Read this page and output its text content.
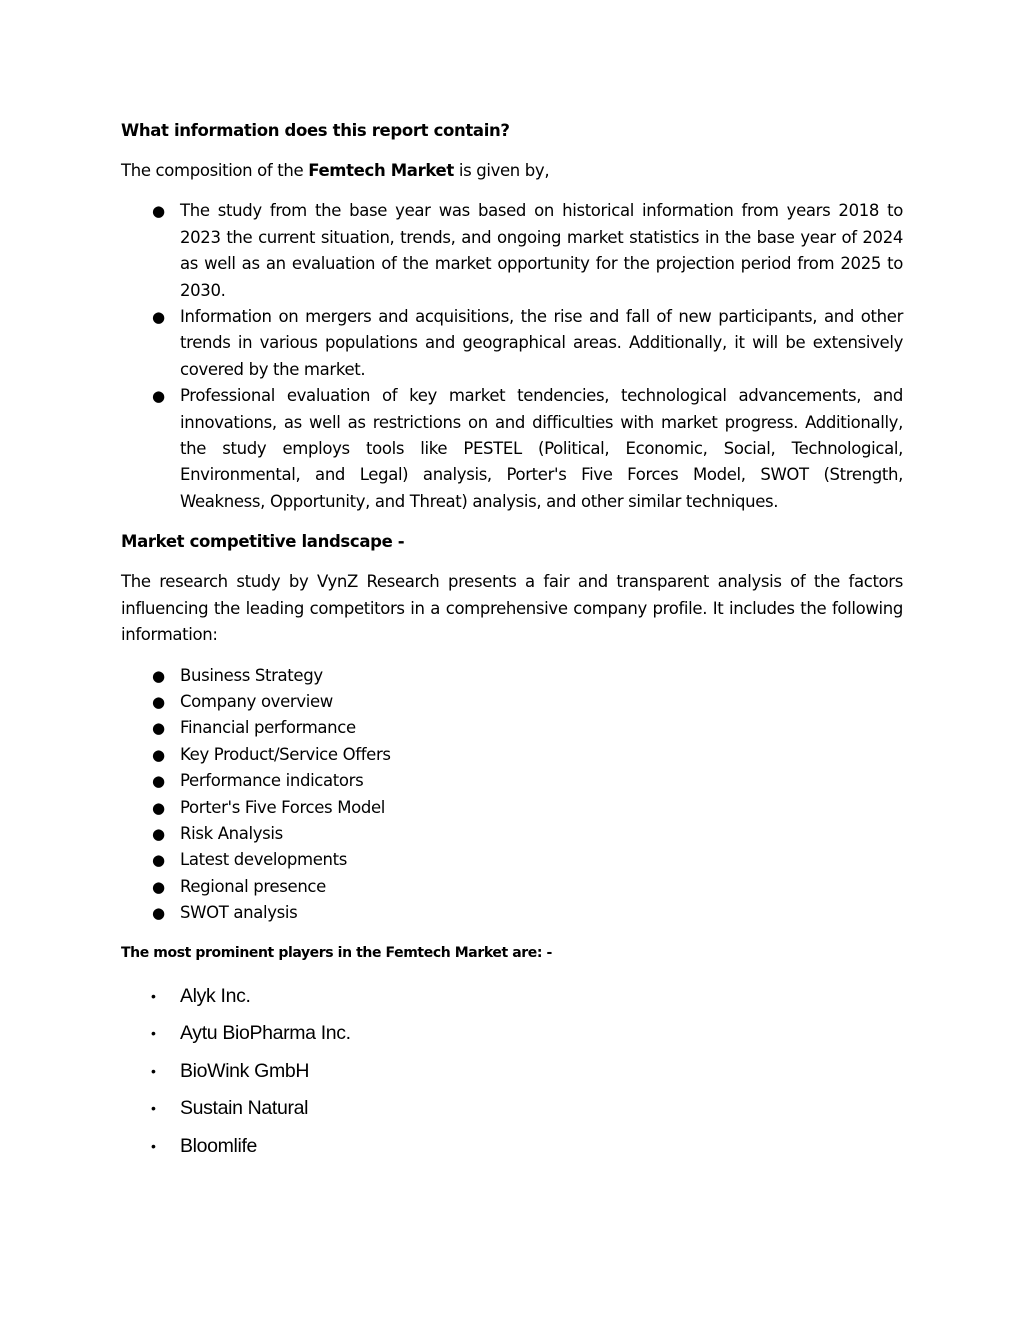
What information does this report contain?

The composition of the Femtech Market is given by,

● The study from the base year was based on historical information from years 2018 to 2023 the current situation, trends, and ongoing market statistics in the base year of 2024 as well as an evaluation of the market opportunity for the projection period from 2025 to 2030.
● Information on mergers and acquisitions, the rise and fall of new participants, and other trends in various populations and geographical areas. Additionally, it will be extensively covered by the market.
● Professional evaluation of key market tendencies, technological advancements, and innovations, as well as restrictions on and difficulties with market progress. Additionally, the study employs tools like PESTEL (Political, Economic, Social, Technological, Environmental, and Legal) analysis, Porter's Five Forces Model, SWOT (Strength, Weakness, Opportunity, and Threat) analysis, and other similar techniques.

Market competitive landscape -

The research study by VynZ Research presents a fair and transparent analysis of the factors influencing the leading competitors in a comprehensive company profile. It includes the following information:

● Business Strategy
● Company overview
● Financial performance
● Key Product/Service Offers
● Performance indicators
● Porter's Five Forces Model
● Risk Analysis
● Latest developments
● Regional presence
● SWOT analysis

The most prominent players in the Femtech Market are: -

• Alyk Inc.
• Aytu BioPharma Inc.
• BioWink GmbH
• Sustain Natural
• Bloomlife
